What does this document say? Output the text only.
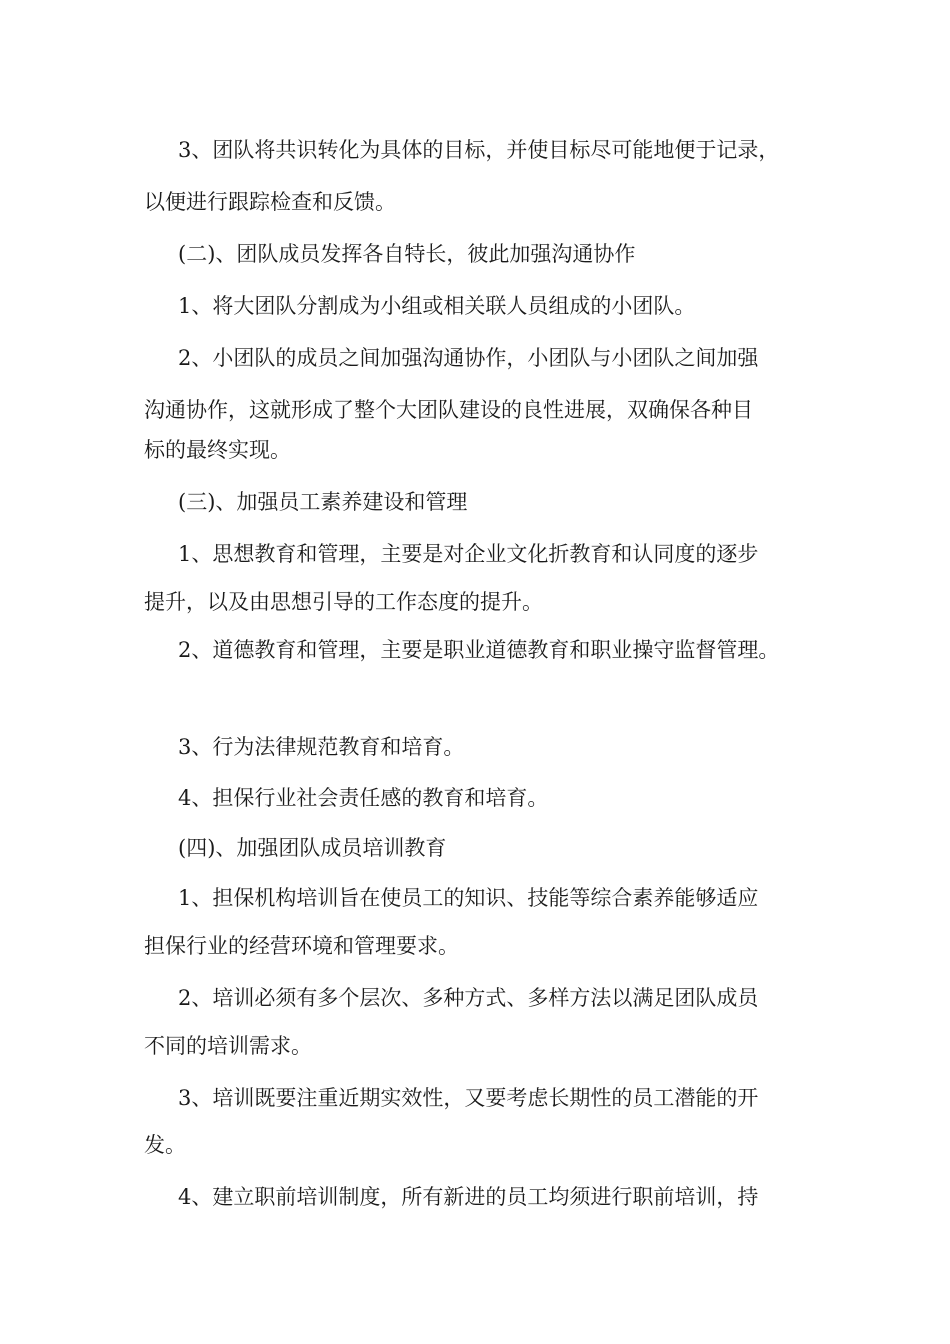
3、团队将共识转化为具体的目标，并使目标尽可能地便于记录，

以便进行跟踪检查和反馈。

(二)、团队成员发挥各自特长，彼此加强沟通协作

1、将大团队分割成为小组或相关联人员组成的小团队。

2、小团队的成员之间加强沟通协作，小团队与小团队之间加强

沟通协作，这就形成了整个大团队建设的良性进展，双确保各种目

标的最终实现。

(三)、加强员工素养建设和管理

1、思想教育和管理，主要是对企业文化折教育和认同度的逐步

提升，以及由思想引导的工作态度的提升。

2、道德教育和管理，主要是职业道德教育和职业操守监督管理。

3、行为法律规范教育和培育。

4、担保行业社会责任感的教育和培育。

(四)、加强团队成员培训教育

1、担保机构培训旨在使员工的知识、技能等综合素养能够适应

担保行业的经营环境和管理要求。

2、培训必须有多个层次、多种方式、多样方法以满足团队成员

不同的培训需求。

3、培训既要注重近期实效性，又要考虑长期性的员工潜能的开

发。

4、建立职前培训制度，所有新进的员工均须进行职前培训，持
